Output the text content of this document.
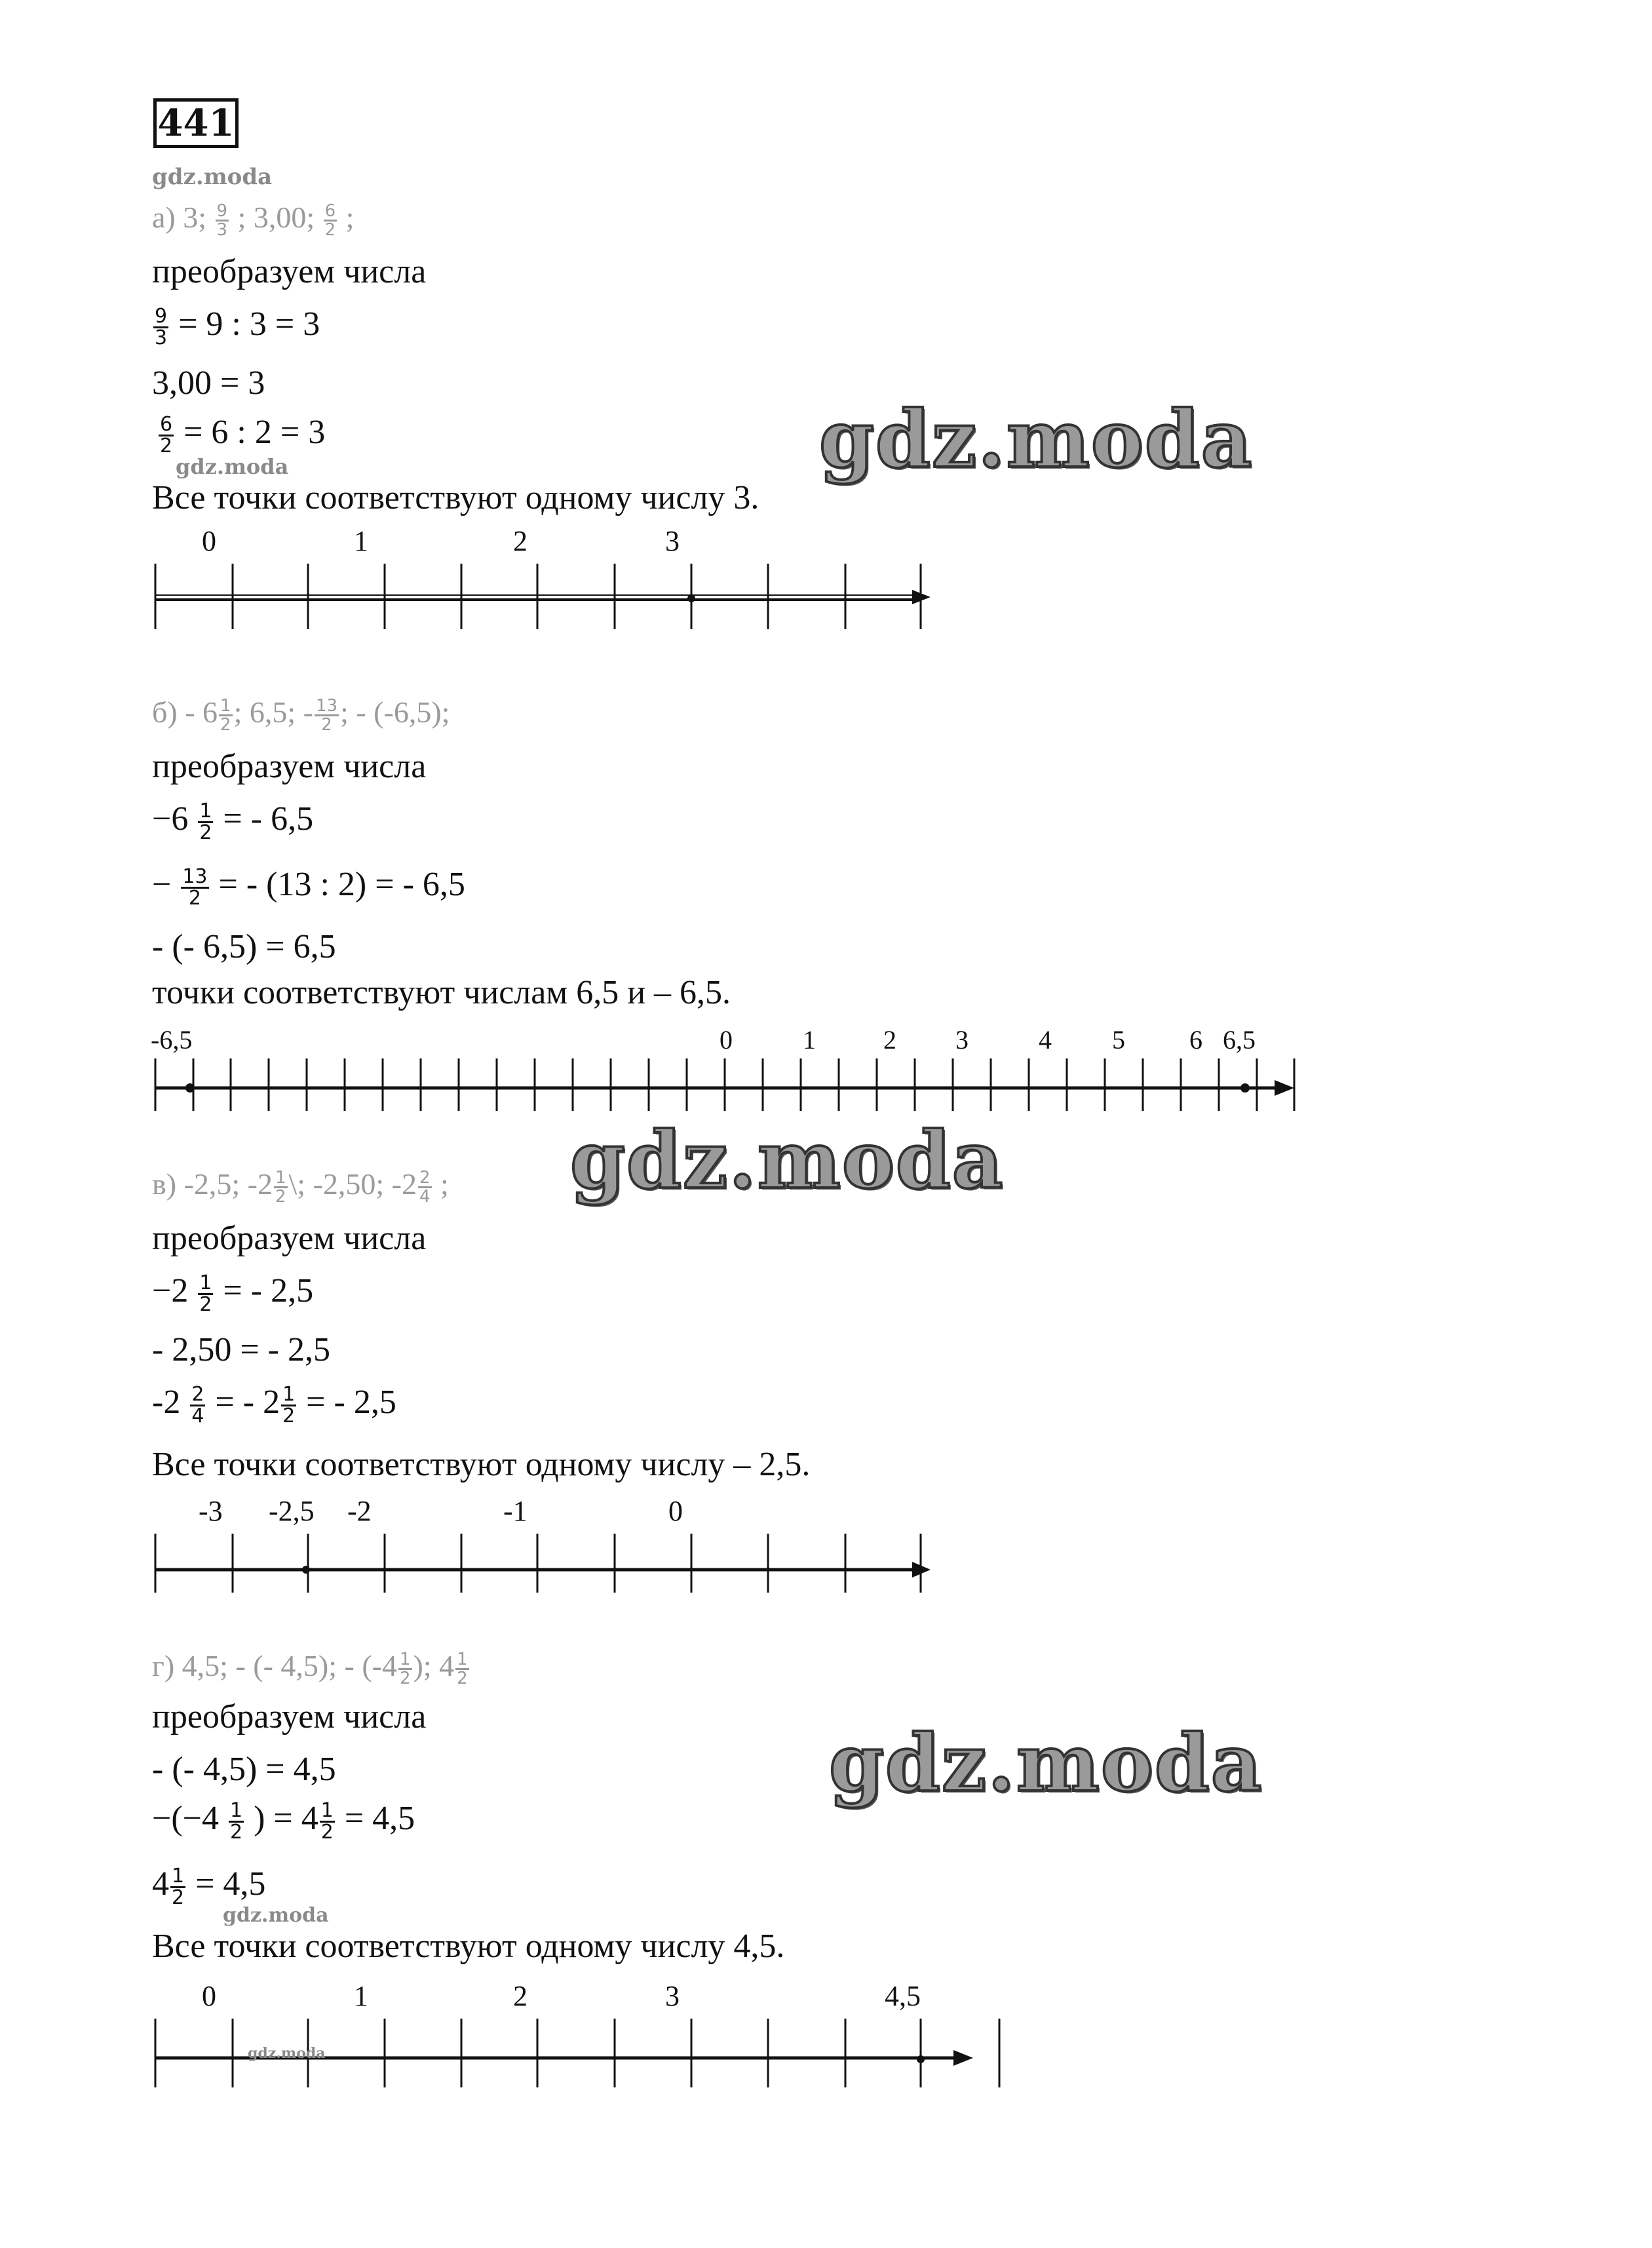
441
gdz.moda
а) 3; $\frac{9}{3}$ ; 3,00; $\frac{6}{2}$ ;
преобразуем числа
$\frac{9}{3} = 9$ : 3 = 3
3,00 = 3
$\frac{6}{2} = 6$ : 2 = 3
gdz.moda
Все точки соответствуют одному числу 3.
gdz.moda
0	1	2	3
$б) - 6 \frac{1}{2}$ ; 6,5; - $\frac{13}{2}$ ; - (-6,5);
преобразуем числа
$-6 \frac{1}{2}$ = - 6,5
− $\frac{13}{2}$ = - (13 : 2) = - 6,5
- (- 6,5) = 6,5
точки соответствуют числам 6,5 и – 6,5.
-6,5	0	1	2 3	4 5 6 6,5
в) -2,5; $-2 \frac{1}{2}$ \; -2,50; $-2 \frac{2}{4}$ ; gdz.moda
преобразуем числа
$-2 \frac{1}{2}$ = - 2,5
- 2,50 = - 2,5
$-2 \frac{2}{4}$ = - $2 \frac{1}{2}$ = - 2,5
Все точки соответствуют одному числу – 2,5.
-3 -2,5 -2	-1	0
г) 4,5; - (- 4,5); - ($-4 \frac{1}{2}$ ); $4 \frac{1}{2}$
преобразуем числа
- (- 4,5) = 4,5
$-(-4 \frac{1}{2}$ ) = $4 \frac{1}{2} = 4,5$
$4 \frac{1}{2} = 4,5$
gdz.moda
Все точки соответствуют одному числу 4,5.
gdz.moda
0	1	2	3	4,5
gdz.moda
